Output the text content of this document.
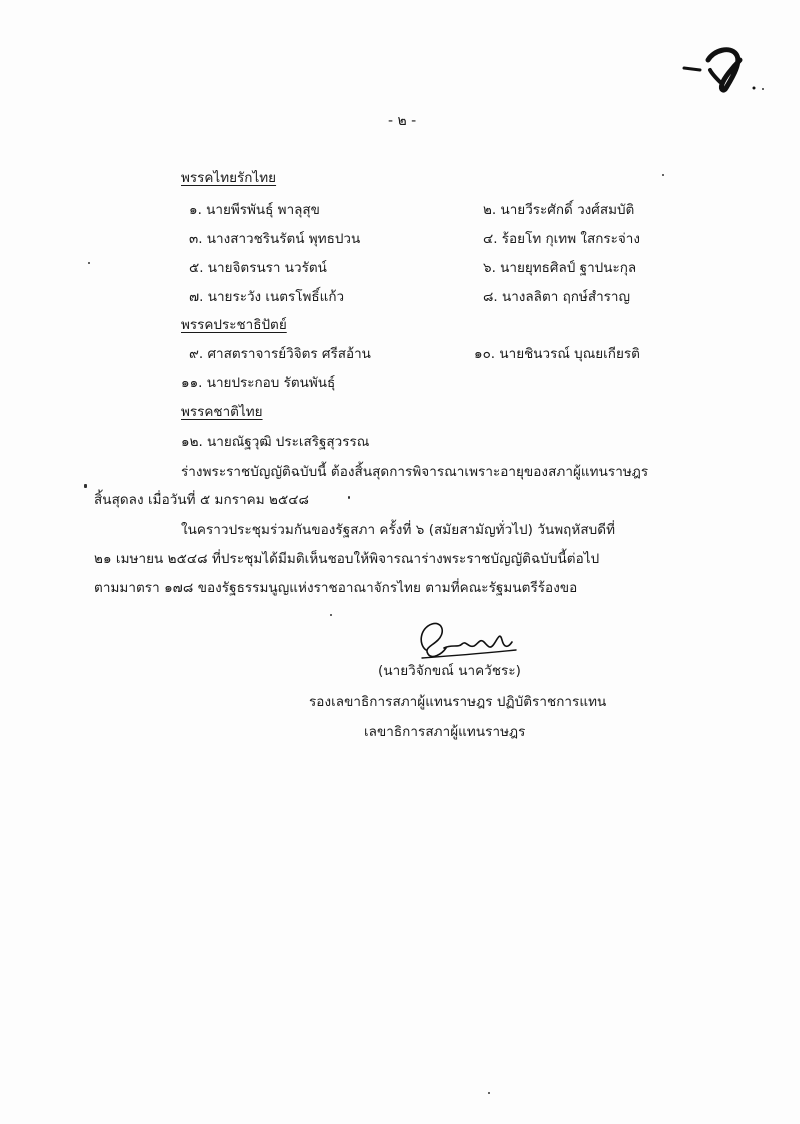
- ๒ -
พรรคไทยรักไทย
๑. นายพีรพันธุ์ พาลุสุข	๒. นายวีระศักดิ์ วงศ์สมบัติ
๓. นางสาวชรินรัตน์ พุทธปวน	๔. ร้อยโท กุเทพ ใสกระจ่าง
๕. นายจิตรนรา นวรัตน์	๖. นายยุทธศิลป์ ฐาปนะกุล
๗. นายระวัง เนตรโพธิ์แก้ว	๘. นางลลิตา ฤกษ์สำราญ
พรรคประชาธิปัตย์
๙. ศาสตราจารย์วิจิตร ศรีสอ้าน	๑๐. นายชินวรณ์ บุณยเกียรติ
๑๑. นายประกอบ รัตนพันธุ์
พรรคชาติไทย
๑๒. นายณัฐวุฒิ ประเสริฐสุวรรณ
ร่างพระราชบัญญัติฉบับนี้ ต้องสิ้นสุดการพิจารณาเพราะอายุของสภาผู้แทนราษฎร
สิ้นสุดลง เมื่อวันที่ ๕ มกราคม ๒๕๔๘
ในคราวประชุมร่วมกันของรัฐสภา ครั้งที่ ๖ (สมัยสามัญทั่วไป) วันพฤหัสบดีที่
๒๑ เมษายน ๒๕๔๘ ที่ประชุมได้มีมติเห็นชอบให้พิจารณาร่างพระราชบัญญัติฉบับนี้ต่อไป
ตามมาตรา ๑๗๘ ของรัฐธรรมนูญแห่งราชอาณาจักรไทย ตามที่คณะรัฐมนตรีร้องขอ
(นายวิจักขณ์ นาควัชระ)
รองเลขาธิการสภาผู้แทนราษฎร ปฏิบัติราชการแทน
เลขาธิการสภาผู้แทนราษฎร
